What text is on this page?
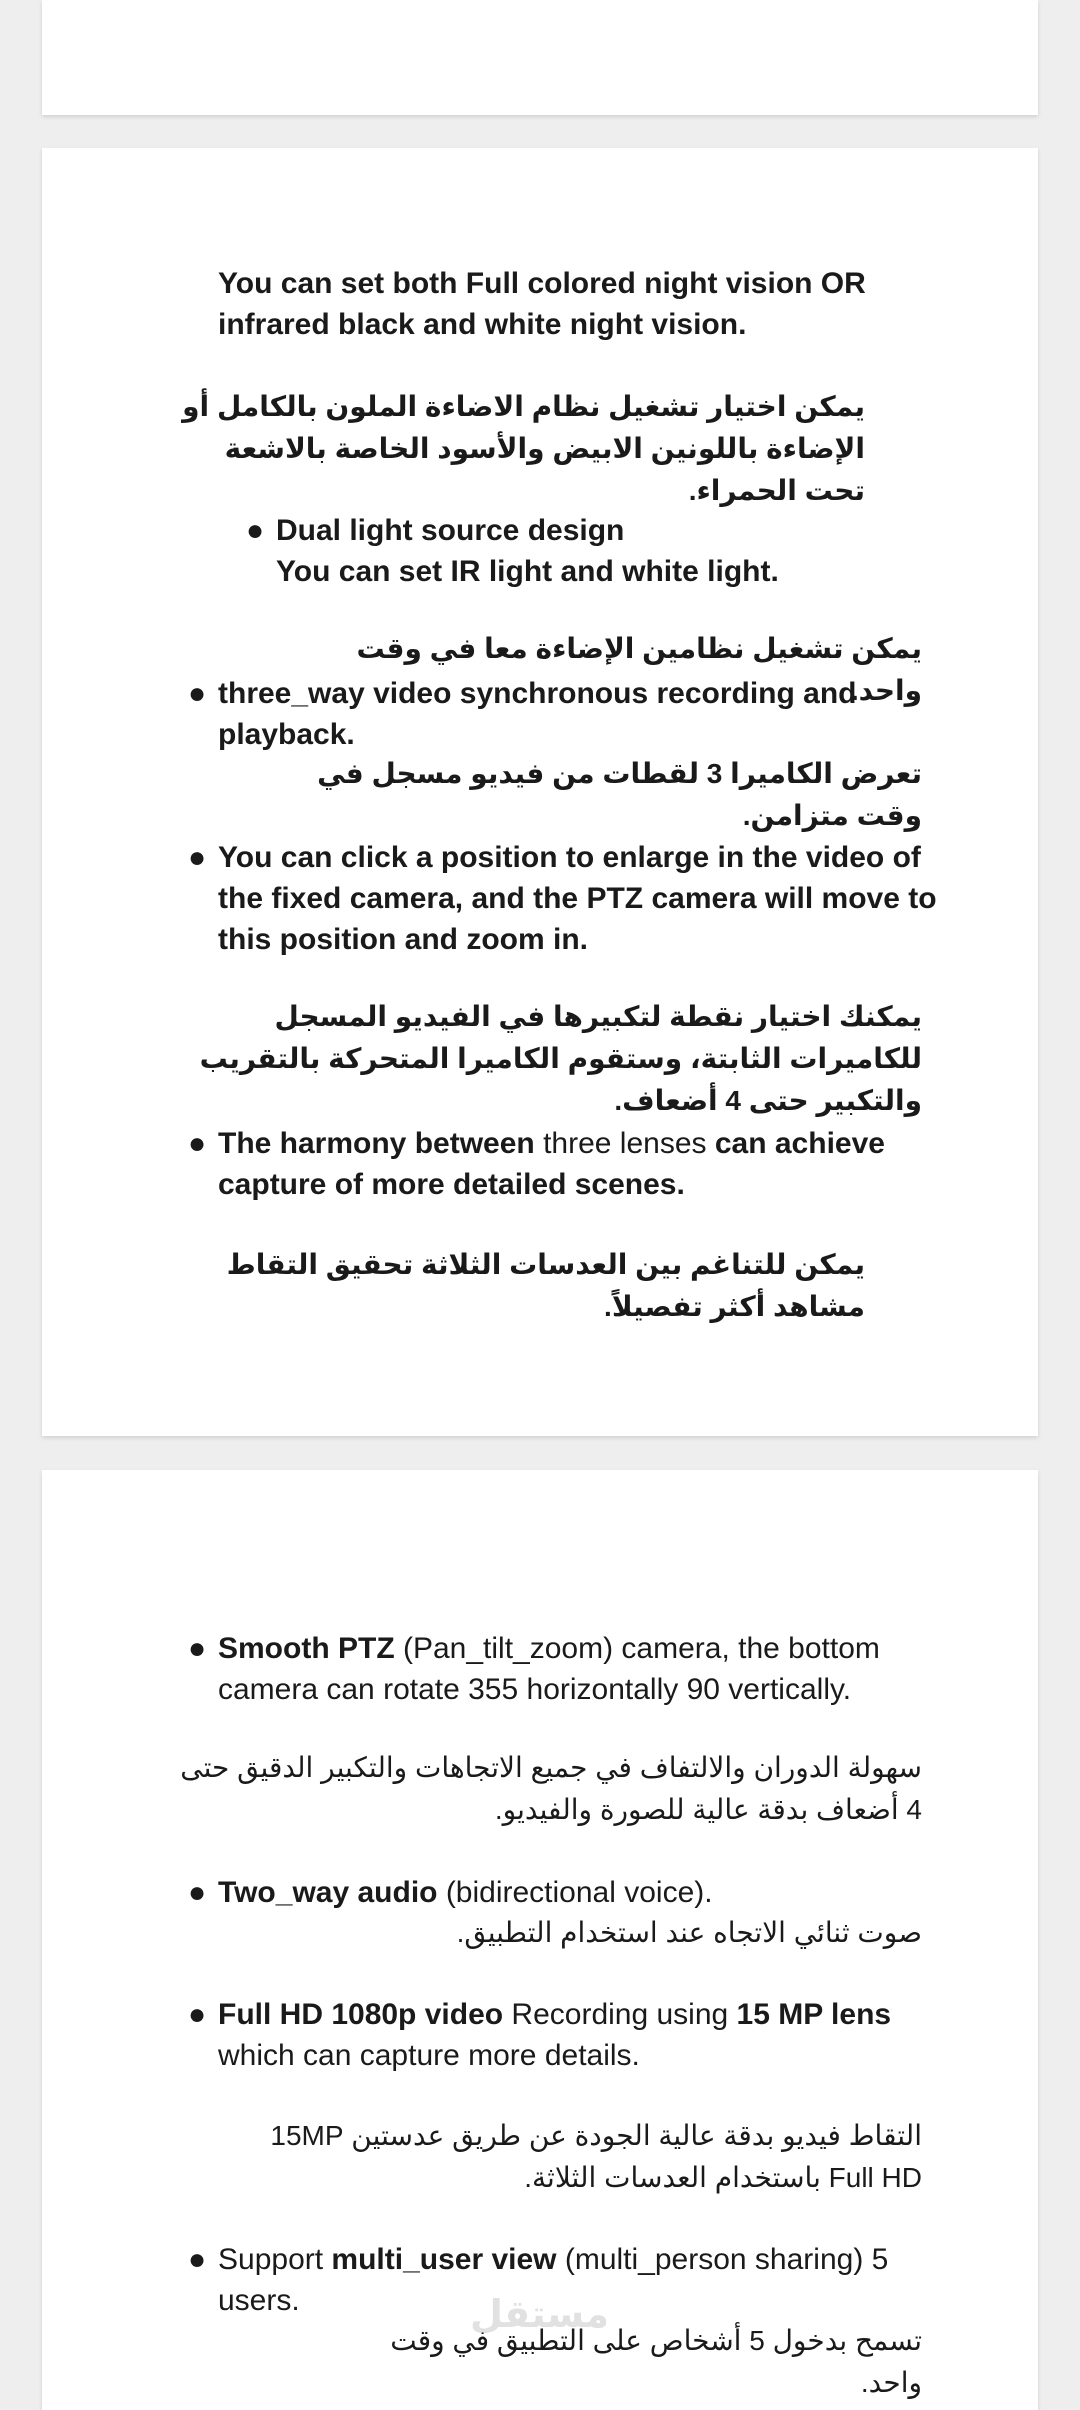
You can set both Full colored night vision OR infrared black and white night vision.

يمكن اختيار تشغيل نظام الاضاءة الملون بالكامل أو الإضاءة باللونين الابيض والأسود الخاصة بالاشعة تحت الحمراء.

● Dual light source design

You can set IR light and white light.

يمكن تشغيل نظامين الإضاءة معا في وقت واحد.

● three_way video synchronous recording and playback.

تعرض الكاميرا 3 لقطات من فيديو مسجل في وقت متزامن.

● You can click a position to enlarge in the video of the fixed camera, and the PTZ camera will move to this position and zoom in.

يمكنك اختيار نقطة لتكبيرها في الفيديو المسجل للكاميرات الثابتة، وستقوم الكاميرا المتحركة بالتقريب والتكبير حتى 4 أضعاف.

● The harmony between three lenses can achieve capture of more detailed scenes.

يمكن للتناغم بين العدسات الثلاثة تحقيق التقاط مشاهد أكثر تفصيلاً.

● Smooth PTZ (Pan_tilt_zoom) camera, the bottom camera can rotate 355 horizontally 90 vertically.

سهولة الدوران والالتفاف في جميع الاتجاهات والتكبير الدقيق حتى 4 أضعاف بدقة عالية للصورة والفيديو.

● Two_way audio (bidirectional voice).

صوت ثنائي الاتجاه عند استخدام التطبيق.

● Full HD 1080p video Recording using 15 MP lens which can capture more details.

التقاط فيديو بدقة عالية الجودة عن طريق عدستين 15MP Full HD باستخدام العدسات الثلاثة.

● Support multi_user view (multi_person sharing) 5 users.

تسمح بدخول 5 أشخاص على التطبيق في وقت واحد.

مستقل
